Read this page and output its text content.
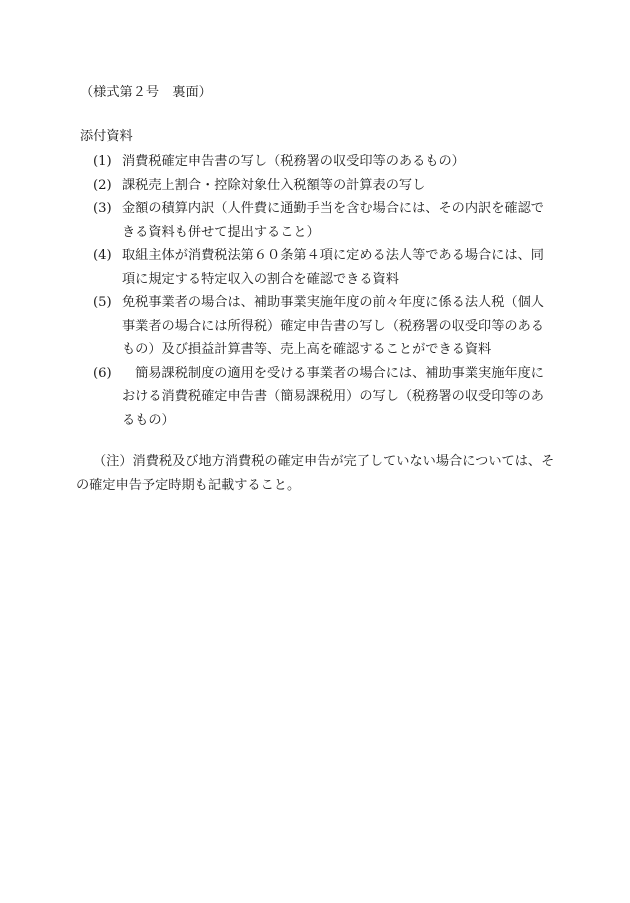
（様式第２号　裏面）
添付資料
(1) 消費税確定申告書の写し（税務署の収受印等のあるもの）
(2) 課税売上割合・控除対象仕入税額等の計算表の写し
(3) 金額の積算内訳（人件費に通勤手当を含む場合には、その内訳を確認できる資料も併せて提出すること）
(4) 取組主体が消費税法第６０条第４項に定める法人等である場合には、同項に規定する特定収入の割合を確認できる資料
(5) 免税事業者の場合は、補助事業実施年度の前々年度に係る法人税（個人事業者の場合には所得税）確定申告書の写し（税務署の収受印等のあるもの）及び損益計算書等、売上高を確認することができる資料
(6)　簡易課税制度の適用を受ける事業者の場合には、補助事業実施年度における消費税確定申告書（簡易課税用）の写し（税務署の収受印等のあるもの）
（注）消費税及び地方消費税の確定申告が完了していない場合については、その確定申告予定時期も記載すること。
